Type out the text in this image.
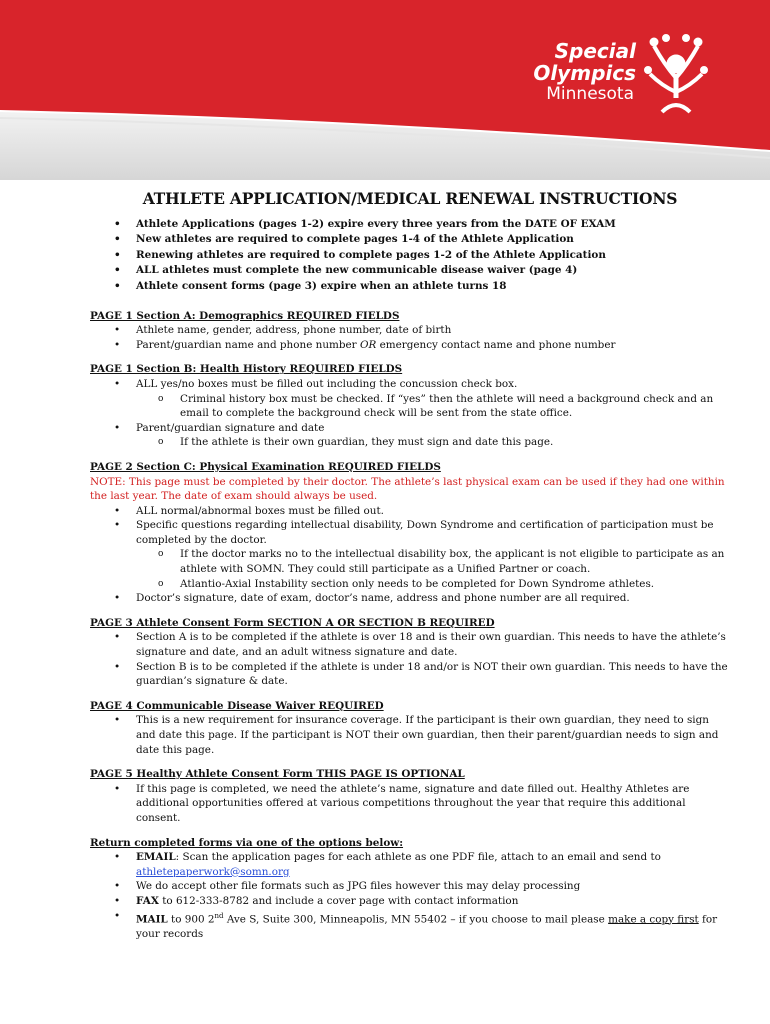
Special
Olympics
Minnesota
ATHLETE APPLICATION/MEDICAL RENEWAL INSTRUCTIONS
• Athlete Applications (pages 1-2) expire every three years from the DATE OF EXAM
• New athletes are required to complete pages 1-4 of the Athlete Application
• Renewing athletes are required to complete pages 1-2 of the Athlete Application
• ALL athletes must complete the new communicable disease waiver (page 4)
• Athlete consent forms (page 3) expire when an athlete turns 18
PAGE 1 Section A: Demographics REQUIRED FIELDS
• Athlete name, gender, address, phone number, date of birth
• Parent/guardian name and phone number OR emergency contact name and phone number
PAGE 1 Section B: Health History REQUIRED FIELDS
• ALL yes/no boxes must be filled out including the concussion check box.
o Criminal history box must be checked. If “yes” then the athlete will need a background check and an email to complete the background check will be sent from the state office.
• Parent/guardian signature and date
o If the athlete is their own guardian, they must sign and date this page.
PAGE 2 Section C: Physical Examination REQUIRED FIELDS
NOTE: This page must be completed by their doctor. The athlete’s last physical exam can be used if they had one within the last year. The date of exam should always be used.
• ALL normal/abnormal boxes must be filled out.
• Specific questions regarding intellectual disability, Down Syndrome and certification of participation must be completed by the doctor.
o If the doctor marks no to the intellectual disability box, the applicant is not eligible to participate as an athlete with SOMN. They could still participate as a Unified Partner or coach.
o Atlantio-Axial Instability section only needs to be completed for Down Syndrome athletes.
• Doctor’s signature, date of exam, doctor’s name, address and phone number are all required.
PAGE 3 Athlete Consent Form SECTION A OR SECTION B REQUIRED
• Section A is to be completed if the athlete is over 18 and is their own guardian. This needs to have the athlete’s signature and date, and an adult witness signature and date.
• Section B is to be completed if the athlete is under 18 and/or is NOT their own guardian. This needs to have the guardian’s signature & date.
PAGE 4 Communicable Disease Waiver REQUIRED
• This is a new requirement for insurance coverage. If the participant is their own guardian, they need to sign and date this page. If the participant is NOT their own guardian, then their parent/guardian needs to sign and date this page.
PAGE 5 Healthy Athlete Consent Form THIS PAGE IS OPTIONAL
• If this page is completed, we need the athlete’s name, signature and date filled out. Healthy Athletes are additional opportunities offered at various competitions throughout the year that require this additional consent.
Return completed forms via one of the options below:
• EMAIL: Scan the application pages for each athlete as one PDF file, attach to an email and send to athletepaperwork@somn.org
• We do accept other file formats such as JPG files however this may delay processing
• FAX to 612-333-8782 and include a cover page with contact information
• MAIL to 900 2nd Ave S, Suite 300, Minneapolis, MN 55402 – if you choose to mail please make a copy first for your records
